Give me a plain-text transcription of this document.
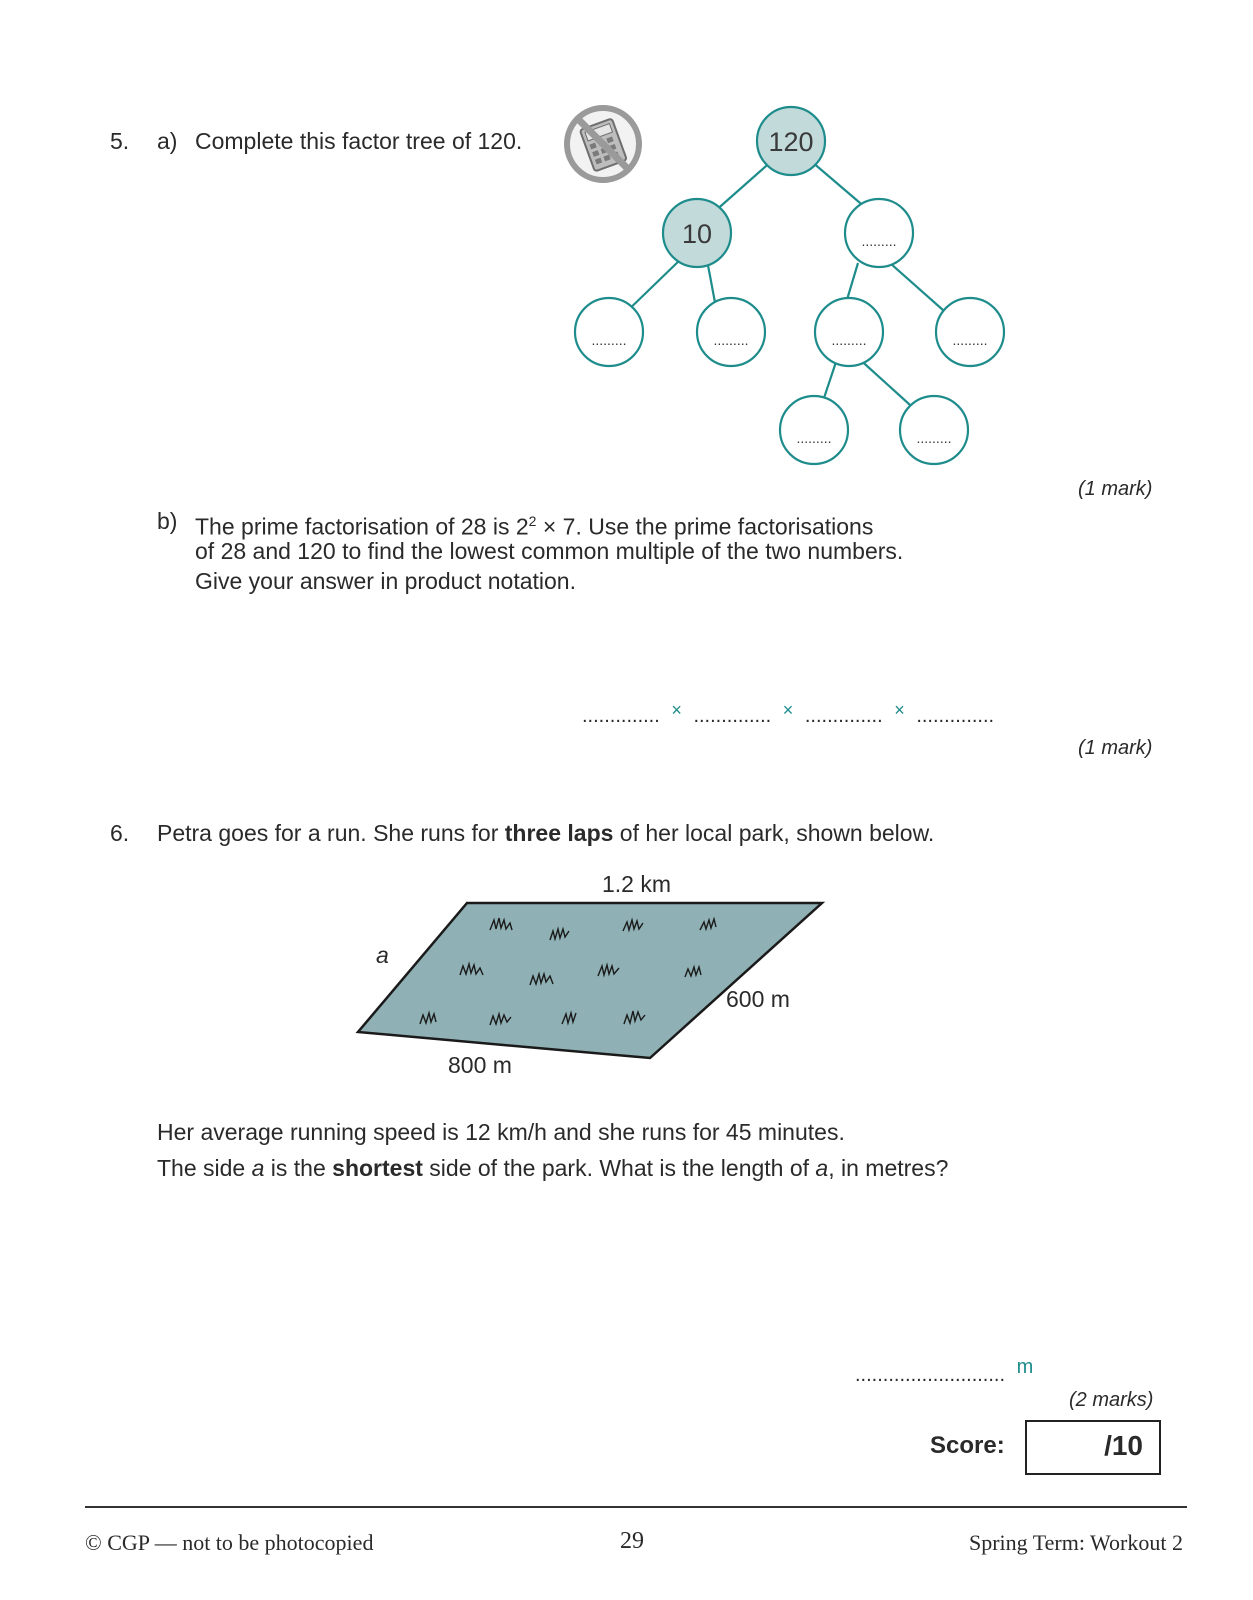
5. a) Complete this factor tree of 120.	120
10	.........
.........	.........	.........	.........
.........	.........
(1 mark)
b) The prime factorisation of 28 is $2^2 \times 7$. Use the prime factorisations
of 28 and 120 to find the lowest common multiple of the two numbers.
Give your answer in product notation.
.............. × .............. × .............. × ..............
(1 mark)
6. Petra goes for a run. She runs for three laps of her local park, shown below.
1.2 km
a
600 m
800 m
Her average running speed is 12 km/h and she runs for 45 minutes.
The side a is the shortest side of the park. What is the length of a, in metres?
........................... m
(2 marks)
Score:	/10
© CGP — not to be photocopied	29	Spring Term: Workout 2
